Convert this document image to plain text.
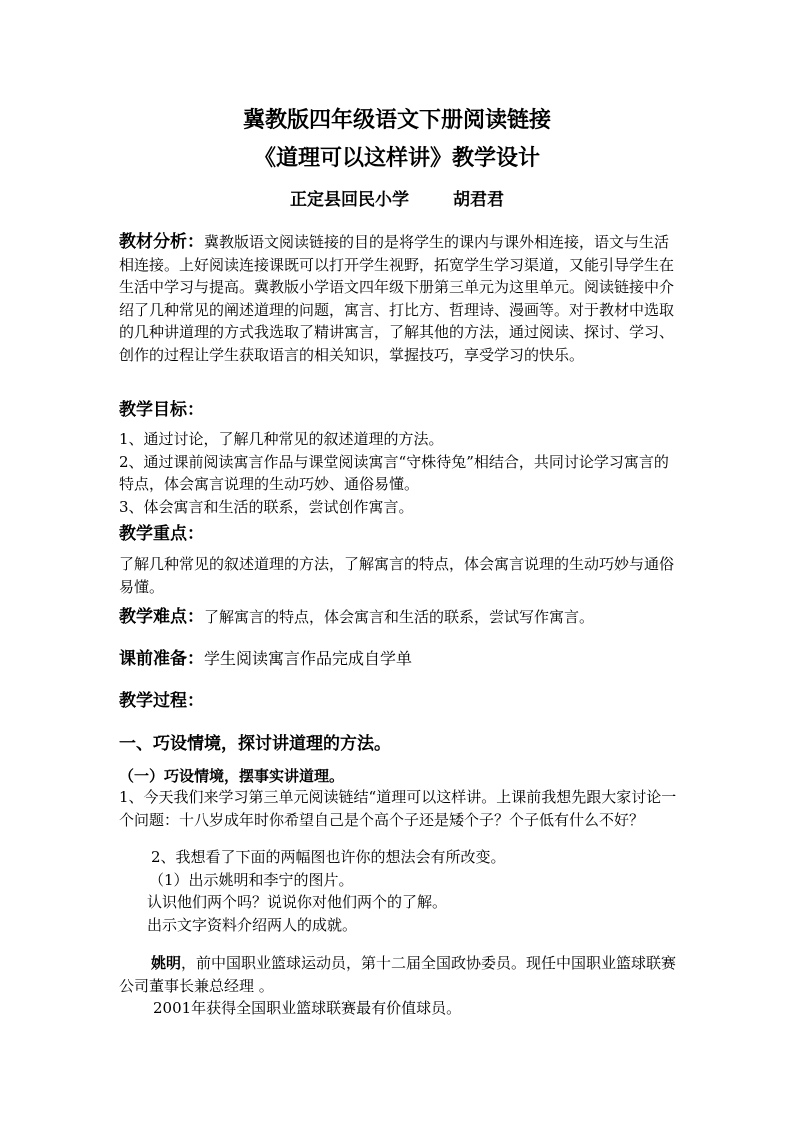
冀教版四年级语文下册阅读链接
《道理可以这样讲》教学设计
正定县回民小学	胡君君

教材分析：冀教版语文阅读链接的目的是将学生的课内与课外相连接，语文与生活相连接。上好阅读连接课既可以打开学生视野，拓宽学生学习渠道，又能引导学生在生活中学习与提高。冀教版小学语文四年级下册第三单元为这里单元。阅读链接中介绍了几种常见的阐述道理的问题，寓言、打比方、哲理诗、漫画等。对于教材中选取的几种讲道理的方式我选取了精讲寓言，了解其他的方法，通过阅读、探讨、学习、创作的过程让学生获取语言的相关知识，掌握技巧，享受学习的快乐。

教学目标：

1、通过讨论，了解几种常见的叙述道理的方法。

2、通过课前阅读寓言作品与课堂阅读寓言“守株待兔”相结合，共同讨论学习寓言的特点，体会寓言说理的生动巧妙、通俗易懂。

3、体会寓言和生活的联系，尝试创作寓言。

教学重点：

了解几种常见的叙述道理的方法，了解寓言的特点，体会寓言说理的生动巧妙与通俗易懂。

教学难点：了解寓言的特点，体会寓言和生活的联系，尝试写作寓言。
课前准备：学生阅读寓言作品完成自学单
教学过程：
一、巧设情境，探讨讲道理的方法。
（一）巧设情境，摆事实讲道理。

1、今天我们来学习第三单元阅读链结“道理可以这样讲。上课前我想先跟大家讨论一个问题：十八岁成年时你希望自己是个高个子还是矮个子？个子低有什么不好？

2、我想看了下面的两幅图也许你的想法会有所改变。

（1）出示姚明和李宁的图片。

认识他们两个吗？说说你对他们两个的了解。

出示文字资料介绍两人的成就。

姚明，前中国职业篮球运动员，第十二届全国政协委员。现任中国职业篮球联赛公司董事长兼总经理 。

2001年获得全国职业篮球联赛最有价值球员。
